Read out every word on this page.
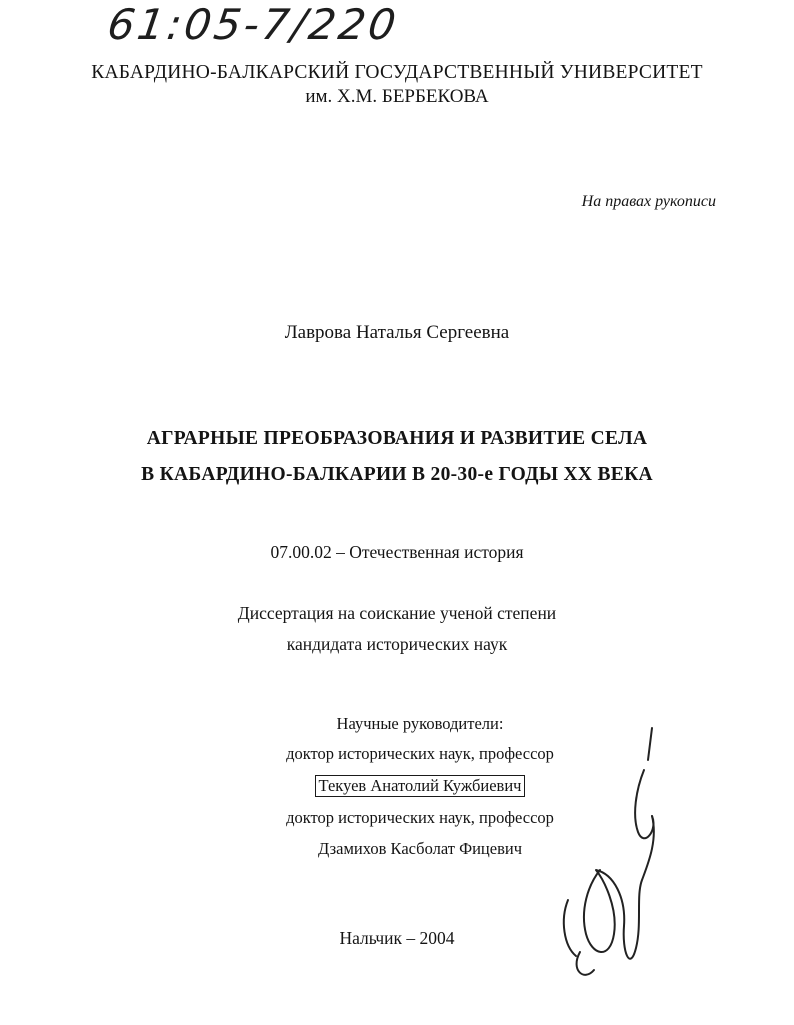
61:05-7/220
КАБАРДИНО-БАЛКАРСКИЙ ГОСУДАРСТВЕННЫЙ УНИВЕРСИТЕТ
им. Х.М. БЕРБЕКОВА
На правах рукописи
Лаврова Наталья Сергеевна
АГРАРНЫЕ ПРЕОБРАЗОВАНИЯ И РАЗВИТИЕ СЕЛА
В КАБАРДИНО-БАЛКАРИИ В 20-30-е ГОДЫ XX ВЕКА
07.00.02 – Отечественная история
Диссертация на соискание ученой степени
кандидата исторических наук
Научные руководители:
доктор исторических наук, профессор
Текуев Анатолий Кужбиевич
доктор исторических наук, профессор
Дзамихов Касболат Фицевич
Нальчик – 2004
